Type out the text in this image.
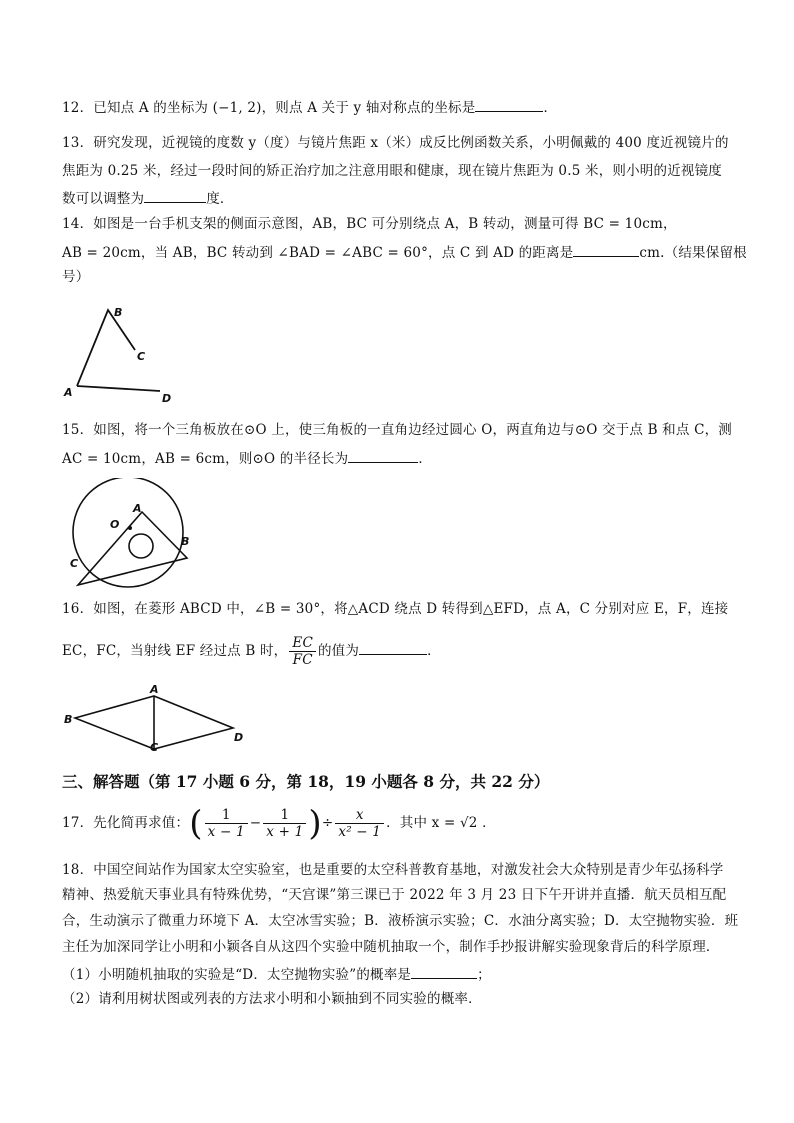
12．已知点 A 的坐标为 (−1, 2)，则点 A 关于 y 轴对称点的坐标是	．
13．研究发现，近视镜的度数 y（度）与镜片焦距 x（米）成反比例函数关系，小明佩戴的 400 度近视镜片的
焦距为 0.25 米，经过一段时间的矫正治疗加之注意用眼和健康，现在镜片焦距为 0.5 米，则小明的近视镜度
数可以调整为	度．
14．如图是一台手机支架的侧面示意图，AB，BC 可分别绕点 A，B 转动，测量可得 BC = 10cm，
AB = 20cm，当 AB，BC 转动到 ∠BAD = ∠ABC = 60°，点 C 到 AD 的距离是	cm.（结果保留根
号）
B
C
A	D
15．如图，将一个三角板放在⊙O 上，使三角板的一直角边经过圆心 O，两直角边与⊙O 交于点 B 和点 C，测
AC = 10cm，AB = 6cm，则⊙O 的半径长为	．
A
O
B
C
16．如图，在菱形 ABCD 中，∠B = 30°，将△ACD 绕点 D 转得到△EFD，点 A，C 分别对应 E，F，连接
EC，FC，当射线 EF 经过点 B 时， $\frac{EC}{FC}$ 的值为	．
A
B
C
D
三、解答题（第 17 小题 6 分，第 18，19 小题各 8 分，共 22 分）
17．先化简再求值：( $\frac{1}{x - 1} - \frac{1}{x + 1}$ )÷ $\frac{x}{\text{x² − 1}}$ ．其中 x = √2 ．
18．中国空间站作为国家太空实验室，也是重要的太空科普教育基地，对激发社会大众特别是青少年弘扬科学
精神、热爱航天事业具有特殊优势，“天宫课”第三课已于 2022 年 3 月 23 日下午开讲并直播．航天员相互配
合，生动演示了微重力环境下 A．太空冰雪实验；B．液桥演示实验；C．水油分离实验；D．太空抛物实验．班
主任为加深同学让小明和小颖各自从这四个实验中随机抽取一个，制作手抄报讲解实验现象背后的科学原理．
（1）小明随机抽取的实验是“D．太空抛物实验”的概率是	；
（2）请利用树状图或列表的方法求小明和小颖抽到不同实验的概率．
